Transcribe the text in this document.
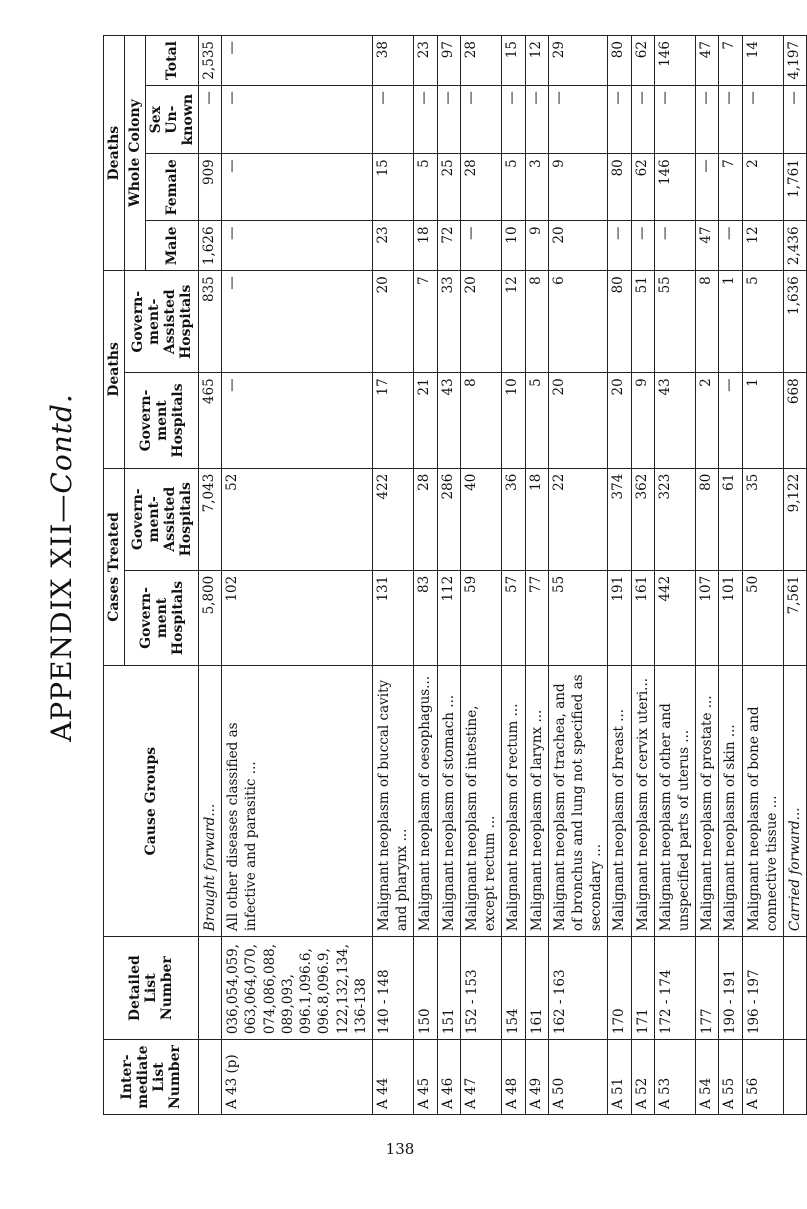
APPENDIX XII—Contd.
Inter-mediate List Number	Detailed List Number	Cause Groups	Cases Treated		Deaths		Deaths			
			Govern-ment Hospitals	Govern-ment-Assisted Hospitals	Govern-ment Hospitals	Govern-ment-Assisted Hospitals	Whole Colony			
							Male	Female	Sex Un-known	Total
		Brought forward...	5,800	7,043	465	835	1,626	909	—	2,535
A 43 (p)	036,054,059, 063,064,070, 074,086,088, 089,093, 096.1,096.6, 096.8,096.9, 122,132,134, 136-138	All other diseases classified as infective and parasitic ...	102	52	—	—	—	—	—	—
A 44	140 - 148	Malignant neoplasm of buccal cavity and pharynx ...	131	422	17	20	23	15	—	38
A 45	150	Malignant neoplasm of oesophagus...	83	28	21	7	18	5	—	23
A 46	151	Malignant neoplasm of stomach ...	112	286	43	33	72	25	—	97
A 47	152 - 153	Malignant neoplasm of intestine, except rectum ...	59	40	8	20	—	28	—	28
A 48	154	Malignant neoplasm of rectum ...	57	36	10	12	10	5	—	15
A 49	161	Malignant neoplasm of larynx ...	77	18	5	8	9	3	—	12
A 50	162 - 163	Malignant neoplasm of trachea, and of bronchus and lung not specified as secondary ...	55	22	20	6	20	9	—	29
A 51	170	Malignant neoplasm of breast ...	191	374	20	80	—	80	—	80
A 52	171	Malignant neoplasm of cervix uteri...	161	362	9	51	—	62	—	62
A 53	172 - 174	Malignant neoplasm of other and unspecified parts of uterus ...	442	323	43	55	—	146	—	146
A 54	177	Malignant neoplasm of prostate ...	107	80	2	8	47	—	—	47
A 55	190 - 191	Malignant neoplasm of skin ...	101	61	—	1	—	7	—	7
A 56	196 - 197	Malignant neoplasm of bone and connective tissue ...	50	35	1	5	12	2	—	14
		Carried forward...	7,561	9,122	668	1,636	2,436	1,761	—	4,197
138
